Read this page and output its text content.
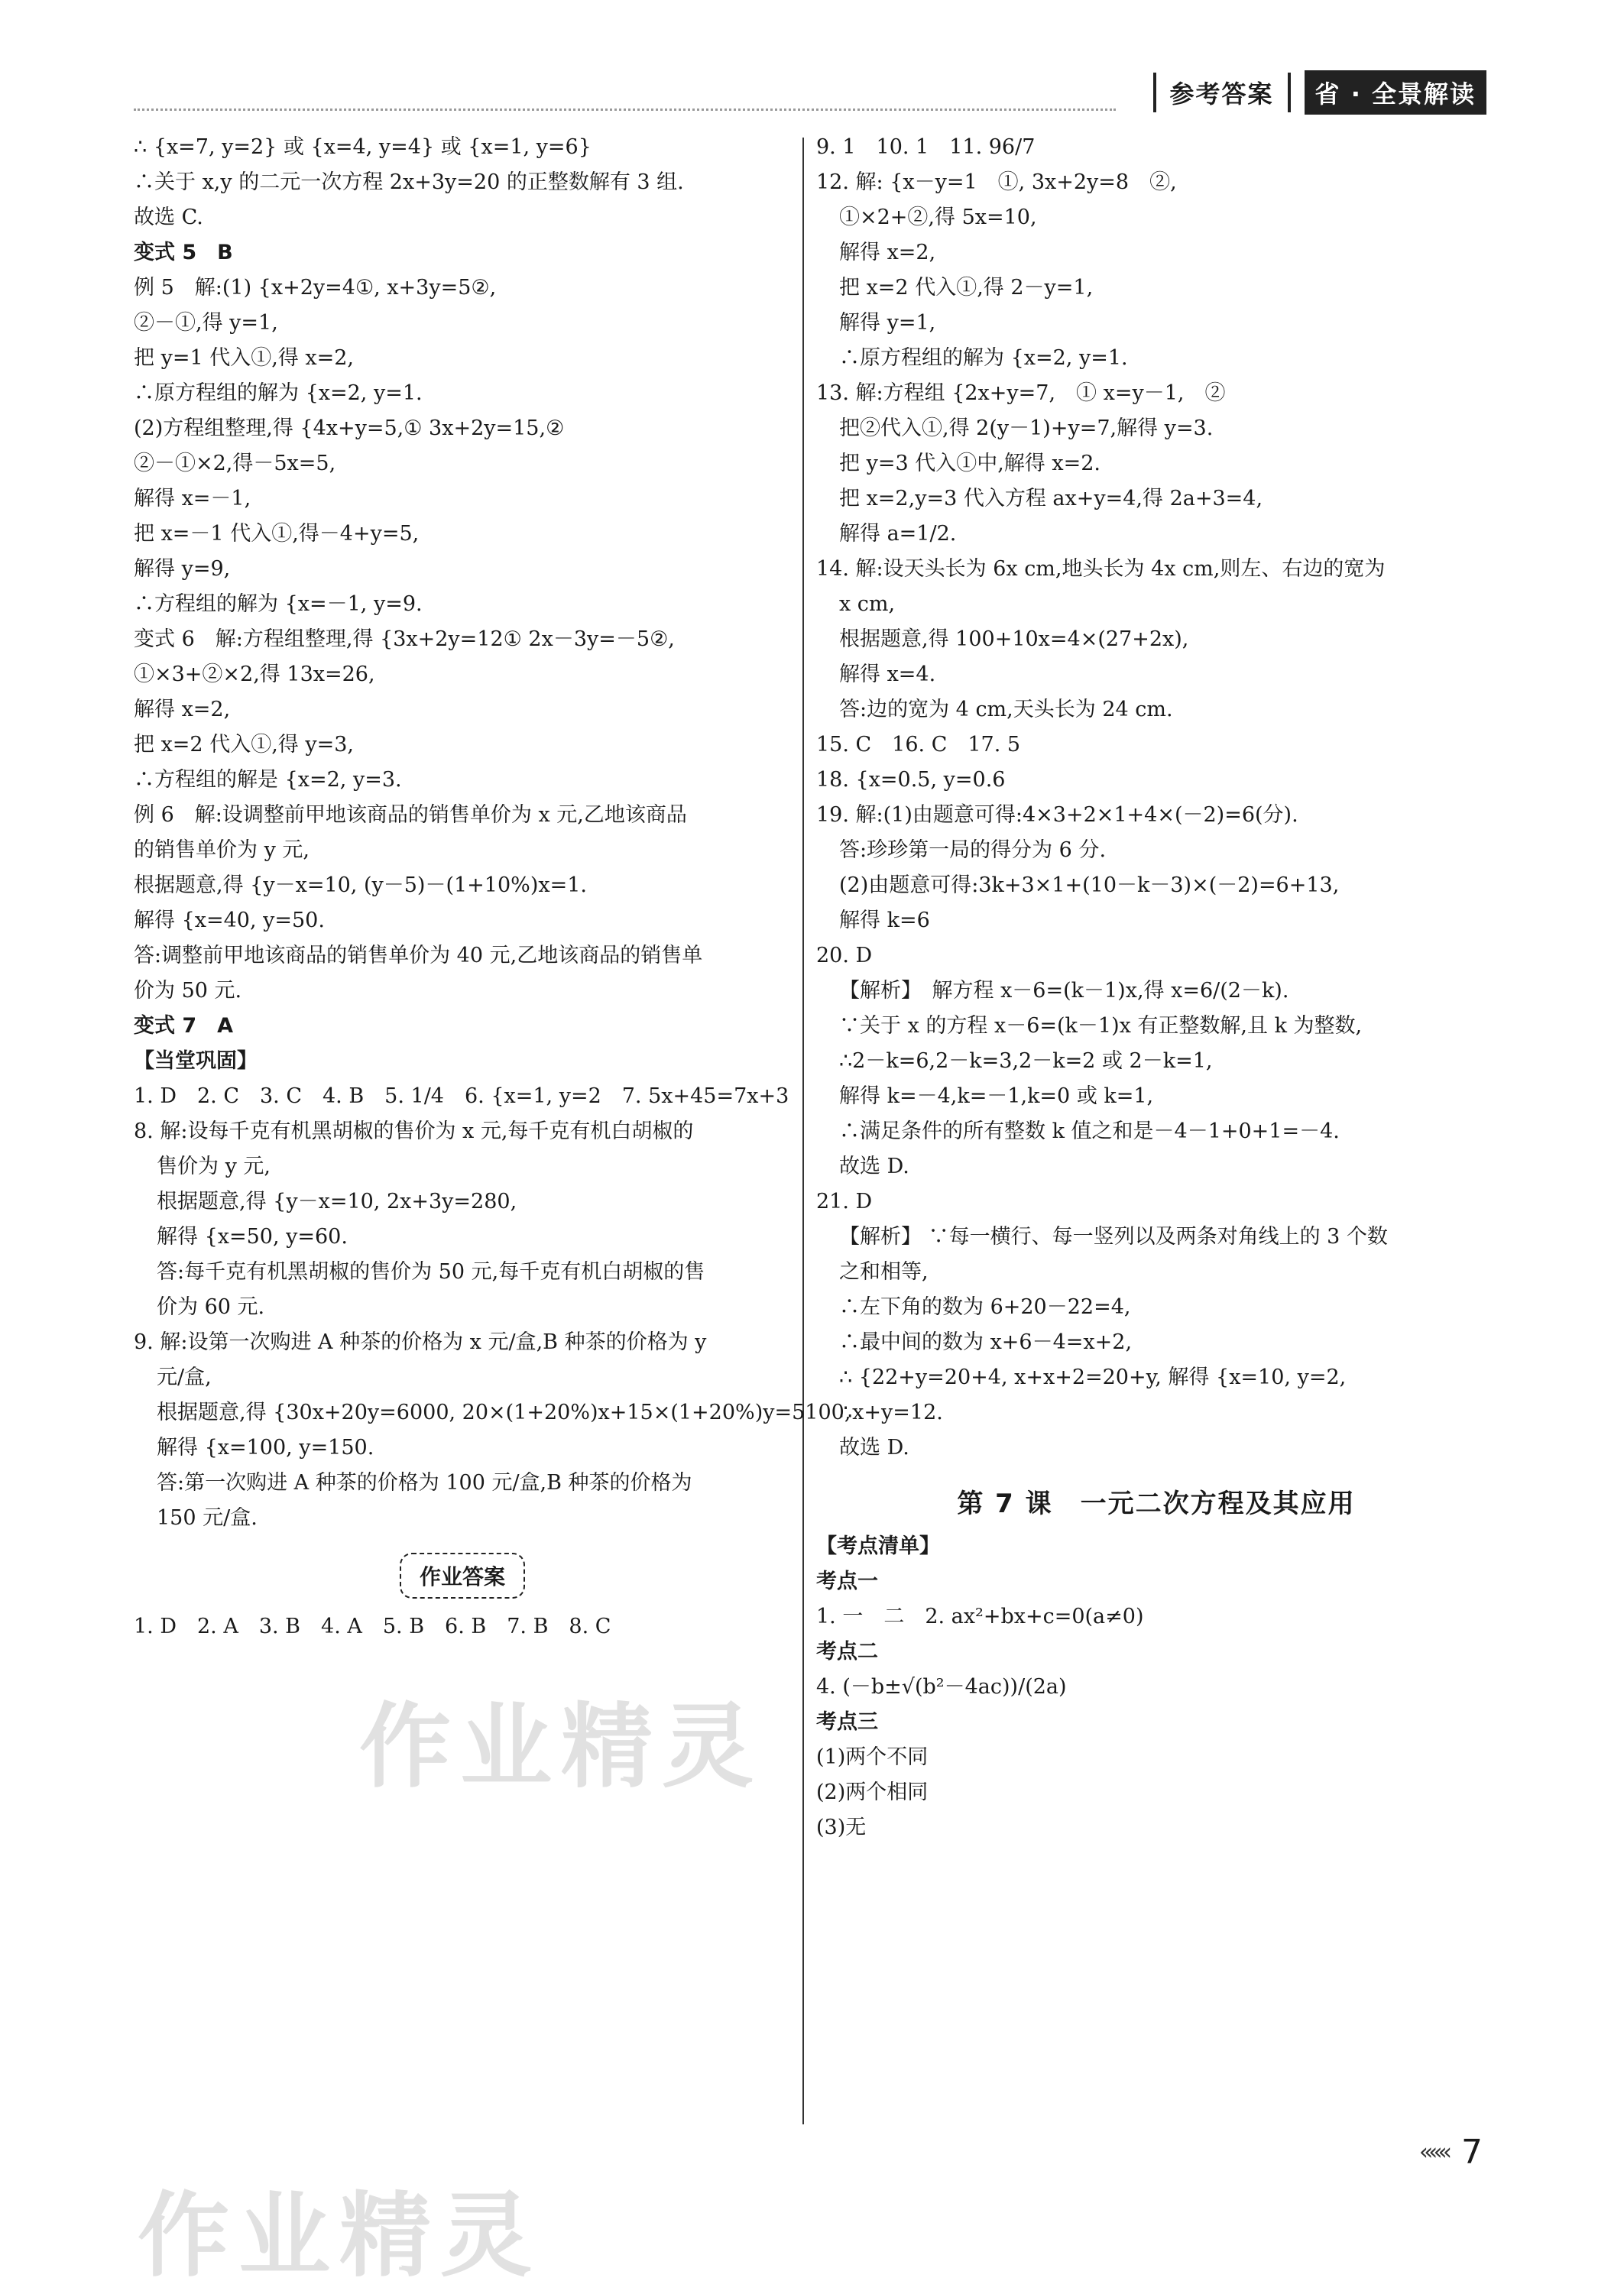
参考答案	省 · 全景解读
∴ {x=7, y=2} 或 {x=4, y=4} 或 {x=1, y=6}
∴关于 x,y 的二元一次方程 2x+3y=20 的正整数解有 3 组.
故选 C.
变式 5　B
例 5　解:(1) {x+2y=4①, x+3y=5②,
②－①,得 y=1,
把 y=1 代入①,得 x=2,
∴原方程组的解为 {x=2, y=1.
(2)方程组整理,得 {4x+y=5,① 3x+2y=15,②
②－①×2,得－5x=5,
解得 x=－1,
把 x=－1 代入①,得－4+y=5,
解得 y=9,
∴方程组的解为 {x=－1, y=9.
变式 6　解:方程组整理,得 {3x+2y=12① 2x－3y=－5②,
①×3+②×2,得 13x=26,
解得 x=2,
把 x=2 代入①,得 y=3,
∴方程组的解是 {x=2, y=3.
例 6　解:设调整前甲地该商品的销售单价为 x 元,乙地该商品
的销售单价为 y 元,
根据题意,得 {y－x=10, (y－5)－(1+10%)x=1.
解得 {x=40, y=50.
答:调整前甲地该商品的销售单价为 40 元,乙地该商品的销售单
价为 50 元.
变式 7　A
【当堂巩固】
1. D　2. C　3. C　4. B　5. 1/4　6. {x=1, y=2　7. 5x+45=7x+3
8. 解:设每千克有机黑胡椒的售价为 x 元,每千克有机白胡椒的
售价为 y 元,
根据题意,得 {y－x=10, 2x+3y=280,
解得 {x=50, y=60.
答:每千克有机黑胡椒的售价为 50 元,每千克有机白胡椒的售
价为 60 元.
9. 解:设第一次购进 A 种茶的价格为 x 元/盒,B 种茶的价格为 y
元/盒,
根据题意,得 {30x+20y=6000, 20×(1+20%)x+15×(1+20%)y=5100,
解得 {x=100, y=150.
答:第一次购进 A 种茶的价格为 100 元/盒,B 种茶的价格为
150 元/盒.
作业答案
1. D　2. A　3. B　4. A　5. B　6. B　7. B　8. C
9. 1　10. 1　11. 96/7
12. 解: {x－y=1　①, 3x+2y=8　②,
①×2+②,得 5x=10,
解得 x=2,
把 x=2 代入①,得 2－y=1,
解得 y=1,
∴原方程组的解为 {x=2, y=1.
13. 解:方程组 {2x+y=7,　① x=y－1,　②
把②代入①,得 2(y－1)+y=7,解得 y=3.
把 y=3 代入①中,解得 x=2.
把 x=2,y=3 代入方程 ax+y=4,得 2a+3=4,
解得 a=1/2.
14. 解:设天头长为 6x cm,地头长为 4x cm,则左、右边的宽为
x cm,
根据题意,得 100+10x=4×(27+2x),
解得 x=4.
答:边的宽为 4 cm,天头长为 24 cm.
15. C　16. C　17. 5
18. {x=0.5, y=0.6
19. 解:(1)由题意可得:4×3+2×1+4×(－2)=6(分).
答:珍珍第一局的得分为 6 分.
(2)由题意可得:3k+3×1+(10－k－3)×(－2)=6+13,
解得 k=6
20. D
【解析】　解方程 x－6=(k－1)x,得 x=6/(2－k).
∵关于 x 的方程 x－6=(k－1)x 有正整数解,且 k 为整数,
∴2－k=6,2－k=3,2－k=2 或 2－k=1,
解得 k=－4,k=－1,k=0 或 k=1,
∴满足条件的所有整数 k 值之和是－4－1+0+1=－4.
故选 D.
21. D
【解析】 ∵每一横行、每一竖列以及两条对角线上的 3 个数
之和相等,
∴左下角的数为 6+20－22=4,
∴最中间的数为 x+6－4=x+2,
∴ {22+y=20+4, x+x+2=20+y, 解得 {x=10, y=2,
∴x+y=12.
故选 D.
第 7 课　一元二次方程及其应用
【考点清单】
考点一
1. 一　二　2. ax²+bx+c=0(a≠0)
考点二
4. (－b±√(b²－4ac))/(2a)
考点三
(1)两个不同
(2)两个相同
(3)无
««« 7
作业精灵
作业精灵
